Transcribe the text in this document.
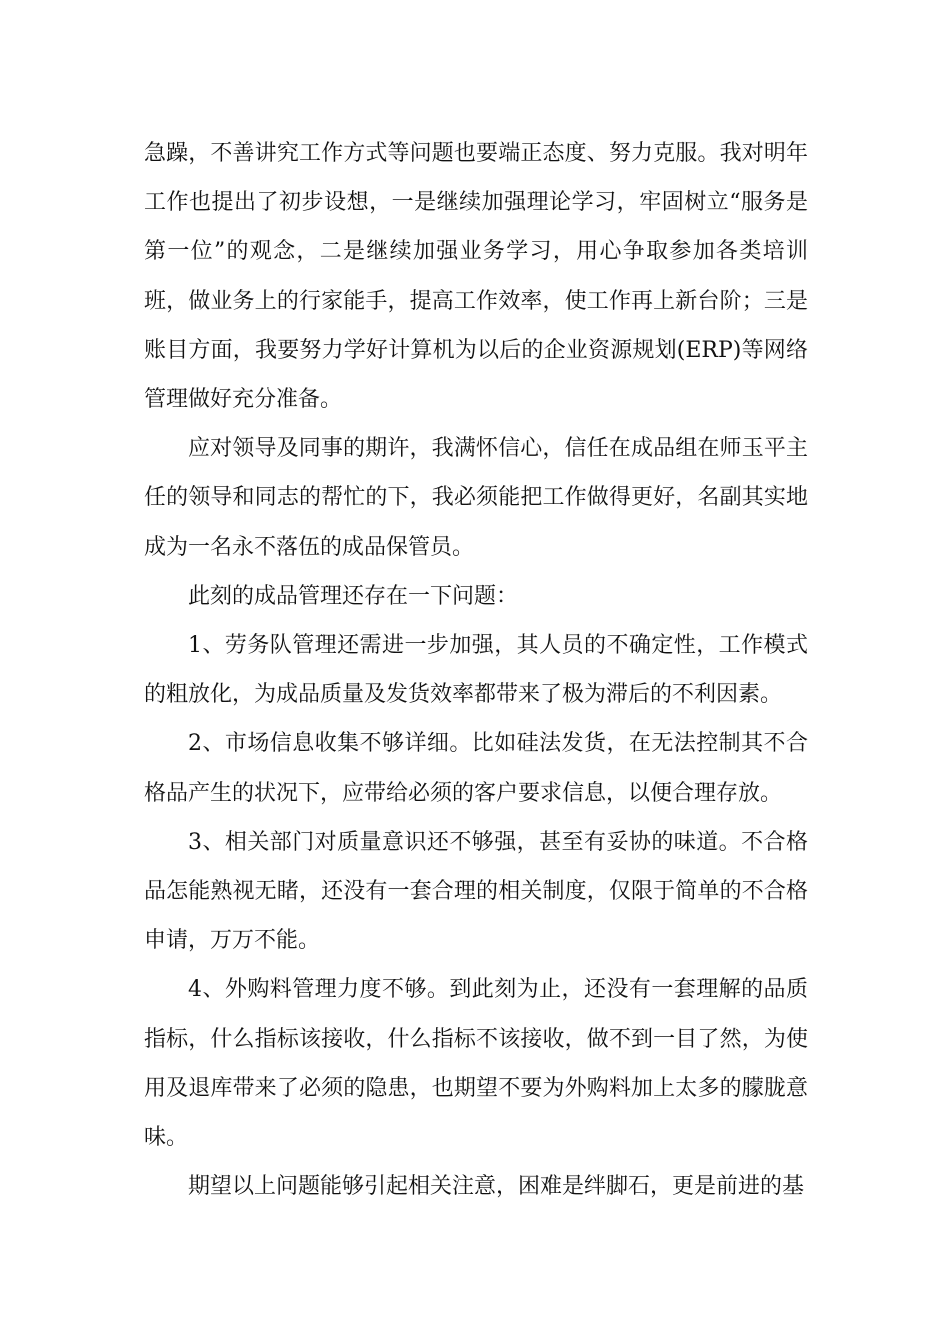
急躁，不善讲究工作方式等问题也要端正态度、努力克服。我对明年工作也提出了初步设想，一是继续加强理论学习，牢固树立“服务是第一位”的观念，二是继续加强业务学习，用心争取参加各类培训班，做业务上的行家能手，提高工作效率，使工作再上新台阶；三是账目方面，我要努力学好计算机为以后的企业资源规划(ERP)等网络管理做好充分准备。

应对领导及同事的期许，我满怀信心，信任在成品组在师玉平主任的领导和同志的帮忙的下，我必须能把工作做得更好，名副其实地成为一名永不落伍的成品保管员。

此刻的成品管理还存在一下问题：

1、劳务队管理还需进一步加强，其人员的不确定性，工作模式的粗放化，为成品质量及发货效率都带来了极为滞后的不利因素。

2、市场信息收集不够详细。比如硅法发货，在无法控制其不合格品产生的状况下，应带给必须的客户要求信息，以便合理存放。

3、相关部门对质量意识还不够强，甚至有妥协的味道。不合格品怎能熟视无睹，还没有一套合理的相关制度，仅限于简单的不合格申请，万万不能。

4、外购料管理力度不够。到此刻为止，还没有一套理解的品质指标，什么指标该接收，什么指标不该接收，做不到一目了然，为使用及退库带来了必须的隐患，也期望不要为外购料加上太多的朦胧意味。

期望以上问题能够引起相关注意，困难是绊脚石，更是前进的基
